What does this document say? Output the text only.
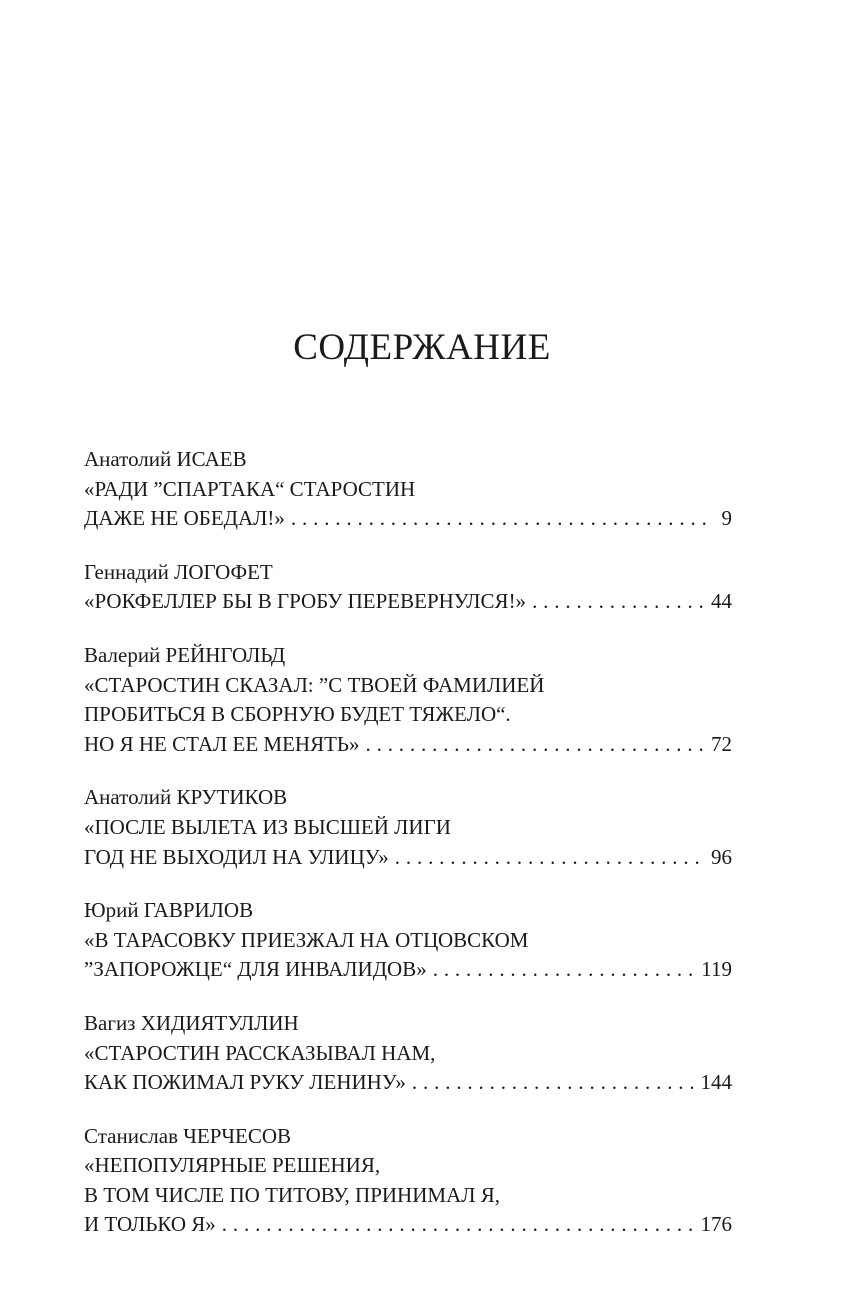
СОДЕРЖАНИЕ
Анатолий ИСАЕВ
«РАДИ ”СПАРТАКА“ СТАРОСТИН
ДАЖЕ НЕ ОБЕДАЛ!» . . .	9
Геннадий ЛОГОФЕТ
«РОКФЕЛЛЕР БЫ В ГРОБУ ПЕРЕВЕРНУЛСЯ!» . . .	44
Валерий РЕЙНГОЛЬД
«СТАРОСТИН СКАЗАЛ: ”С ТВОЕЙ ФАМИЛИЕЙ
ПРОБИТЬСЯ В СБОРНУЮ БУДЕТ ТЯЖЕЛО“.
НО Я НЕ СТАЛ ЕЕ МЕНЯТЬ» . . .	72
Анатолий КРУТИКОВ
«ПОСЛЕ ВЫЛЕТА ИЗ ВЫСШЕЙ ЛИГИ
ГОД НЕ ВЫХОДИЛ НА УЛИЦУ» . . .	96
Юрий ГАВРИЛОВ
«В ТАРАСОВКУ ПРИЕЗЖАЛ НА ОТЦОВСКОМ
”ЗАПОРОЖЦЕ“ ДЛЯ ИНВАЛИДОВ» . . .	119
Вагиз ХИДИЯТУЛЛИН
«СТАРОСТИН РАССКАЗЫВАЛ НАМ,
КАК ПОЖИМАЛ РУКУ ЛЕНИНУ» . . .	144
Станислав ЧЕРЧЕСОВ
«НЕПОПУЛЯРНЫЕ РЕШЕНИЯ,
В ТОМ ЧИСЛЕ ПО ТИТОВУ, ПРИНИМАЛ Я,
И ТОЛЬКО Я» . . .	176
